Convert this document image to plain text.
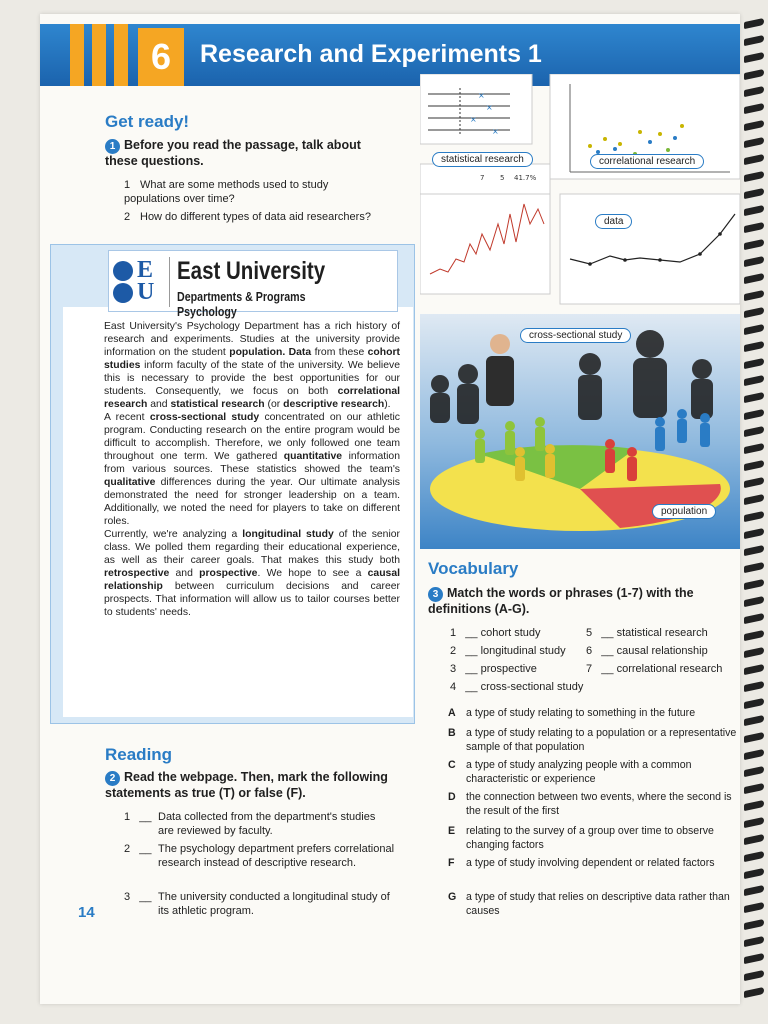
6	Research and Experiments 1
Get ready!
1 Before you read the passage, talk about these questions.
1 What are some methods used to study populations over time?
2 How do different types of data aid researchers?
×
×
×
×
7 5 41.7%
statistical research	correlational research
data
E
U
East University
Departments & Programs Psychology

East University's Psychology Department has a rich history of research and experiments. Studies at the university provide information on the student population. Data from these cohort studies inform faculty of the state of the university. We believe this is necessary to provide the best opportunities for our students. Consequently, we focus on both correlational research and statistical research (or descriptive research).

A recent cross-sectional study concentrated on our athletic program. Conducting research on the entire program would be difficult to accomplish. Therefore, we only followed one team throughout one term. We gathered quantitative information from various sources. These statistics showed the team's qualitative differences during the year. Our ultimate analysis demonstrated the need for stronger leadership on a team. Additionally, we noted the need for players to take on different roles.

Currently, we're analyzing a longitudinal study of the senior class. We polled them regarding their educational experience, as well as their career goals. That makes this study both retrospective and prospective. We hope to see a causal relationship between curriculum decisions and career prospects. That information will allow us to tailor courses better to students' needs.

cross-sectional study
population
Vocabulary
3 Match the words or phrases (1-7) with the definitions (A-G).
1 __ cohort study
2 __ longitudinal study
3 __ prospective
4 __ cross-sectional study
5 __ statistical research
6 __ causal relationship
7 __ correlational research
A a type of study relating to something in the future
B a type of study relating to a population or a representative sample of that population
C a type of study analyzing people with a common characteristic or experience
D the connection between two events, where the second is the result of the first
E relating to the survey of a group over time to observe changing factors
F a type of study involving dependent or related factors
G a type of study that relies on descriptive data rather than causes
Reading
2 Read the webpage. Then, mark the following statements as true (T) or false (F).
1 __ Data collected from the department's studies are reviewed by faculty.
2 __ The psychology department prefers correlational research instead of descriptive research.
3 __ The university conducted a longitudinal study of its athletic program.
14
